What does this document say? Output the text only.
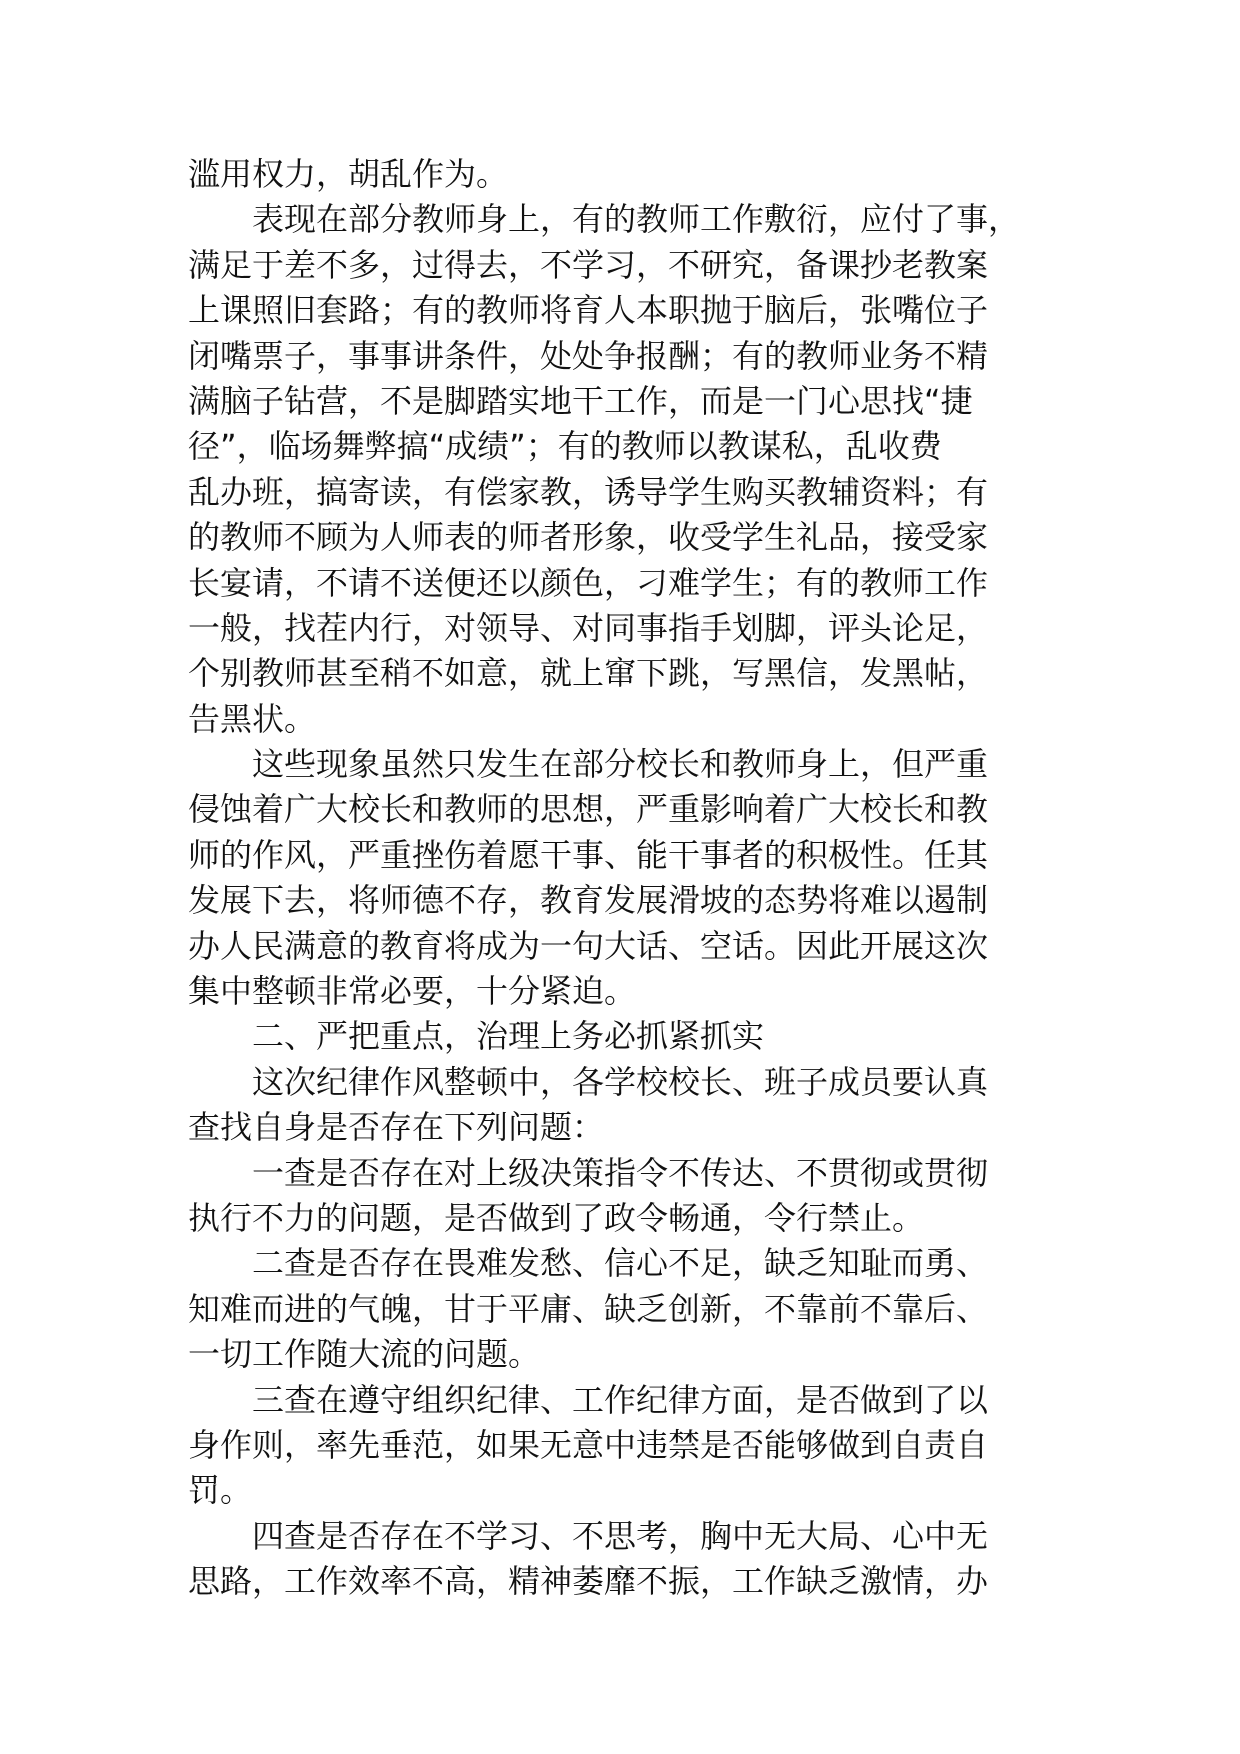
滥用权力，胡乱作为。
表现在部分教师身上，有的教师工作敷衍，应付了事，
满足于差不多，过得去，不学习，不研究，备课抄老教案
上课照旧套路；有的教师将育人本职抛于脑后，张嘴位子
闭嘴票子，事事讲条件，处处争报酬；有的教师业务不精
满脑子钻营，不是脚踏实地干工作，而是一门心思找“捷
径”，临场舞弊搞“成绩”；有的教师以教谋私，乱收费
乱办班，搞寄读，有偿家教，诱导学生购买教辅资料；有
的教师不顾为人师表的师者形象，收受学生礼品，接受家
长宴请，不请不送便还以颜色，刁难学生；有的教师工作
一般，找茬内行，对领导、对同事指手划脚，评头论足，
个别教师甚至稍不如意，就上窜下跳，写黑信，发黑帖，
告黑状。
这些现象虽然只发生在部分校长和教师身上，但严重
侵蚀着广大校长和教师的思想，严重影响着广大校长和教
师的作风，严重挫伤着愿干事、能干事者的积极性。任其
发展下去，将师德不存，教育发展滑坡的态势将难以遏制
办人民满意的教育将成为一句大话、空话。因此开展这次
集中整顿非常必要，十分紧迫。
二、严把重点，治理上务必抓紧抓实
这次纪律作风整顿中，各学校校长、班子成员要认真
查找自身是否存在下列问题：
一查是否存在对上级决策指令不传达、不贯彻或贯彻
执行不力的问题，是否做到了政令畅通，令行禁止。
二查是否存在畏难发愁、信心不足，缺乏知耻而勇、
知难而进的气魄，甘于平庸、缺乏创新，不靠前不靠后、
一切工作随大流的问题。
三查在遵守组织纪律、工作纪律方面，是否做到了以
身作则，率先垂范，如果无意中违禁是否能够做到自责自
罚。
四查是否存在不学习、不思考，胸中无大局、心中无
思路，工作效率不高，精神萎靡不振，工作缺乏激情，办
